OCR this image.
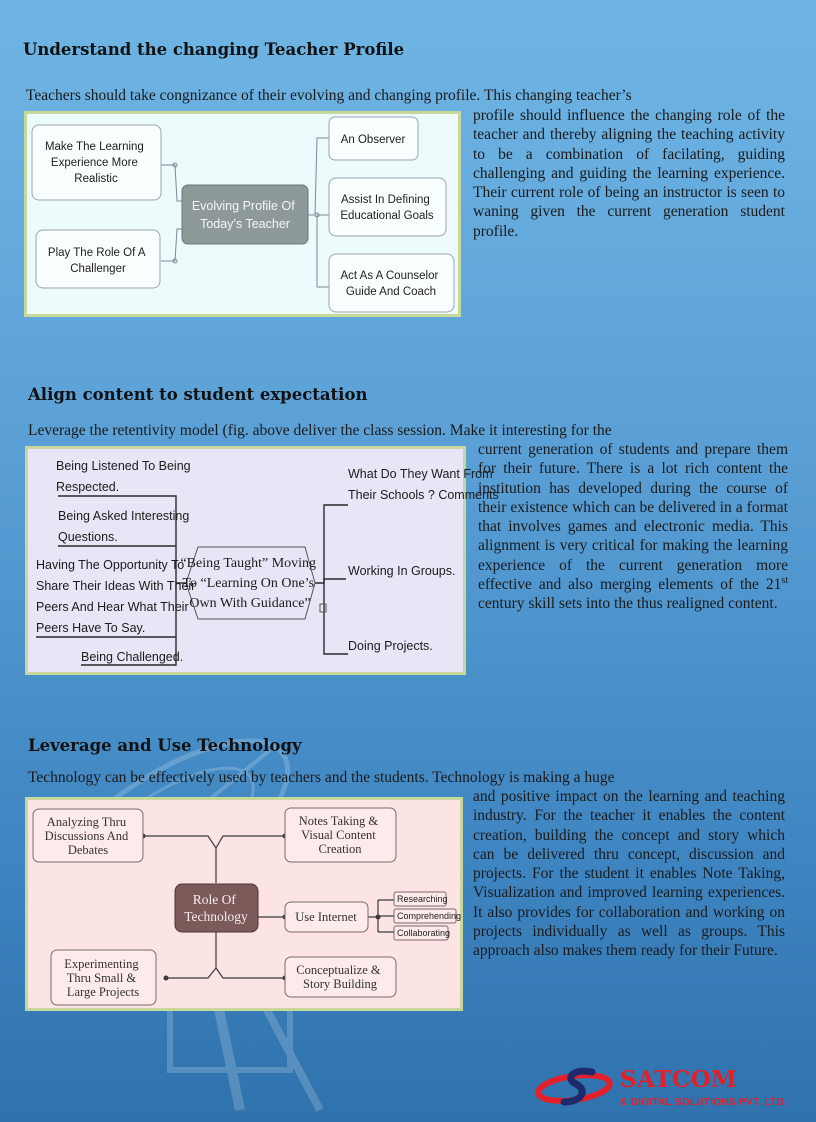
Understand the changing Teacher Profile

Teachers should take congnizance of their evolving and changing profile. This changing teacher’s

Make The Learning Experience More Realistic
Play The Role Of A Challenger
Evolving Profile Of Today’s Teacher
An Observer
Assist In Defining Educational Goals
Act As A Counselor Guide And Coach

profile should influence the changing role of the teacher and thereby aligning the teaching activity to be a combination of facilating, guiding challenging and guiding the learning experience. Their current role of being an instructor is seen to waning given the current generation student profile.

Align content to student expectation

Leverage the retentivity model (fig. above deliver the class session. Make it interesting for the

Being Listened To Being Respected.
Being Asked Interesting Questions.
Having The Opportunity To Share Their Ideas With Their Peers And Hear What Their Peers Have To Say.
Being Challenged.
“Being Taught” Moving To “Learning On One’s Own With Guidance”
What Do They Want From Their Schools ? Comments
Working In Groups.
Doing Projects.

current generation of students and prepare them for their future. There is a lot rich content the institution has developed during the course of their existence which can be delivered in a format that involves games and electronic media. This alignment is very critical for making the learning experience of the current generation more effective and also merging elements of the 21st century skill sets into the thus realigned content.

Leverage and Use Technology

Technology can be effectively used by teachers and the students. Technology is making a huge

Analyzing Thru Discussions And Debates
Experimenting Thru Small & Large Projects
Role Of Technology
Notes Taking & Visual Content Creation
Use Internet
Conceptualize & Story Building
Researching
Comprehending
Collaborating

and positive impact on the learning and teaching industry. For the teacher it enables the content creation, building the concept and story which can be delivered thru concept, discussion and projects. For the student it enables Note Taking, Visualization and improved learning experiences. It also provides for collaboration and working on projects individually as well as groups. This approach also makes them ready for their Future.

SATCOM
& DIGITAL SOLUTIONS PVT. LTD.
